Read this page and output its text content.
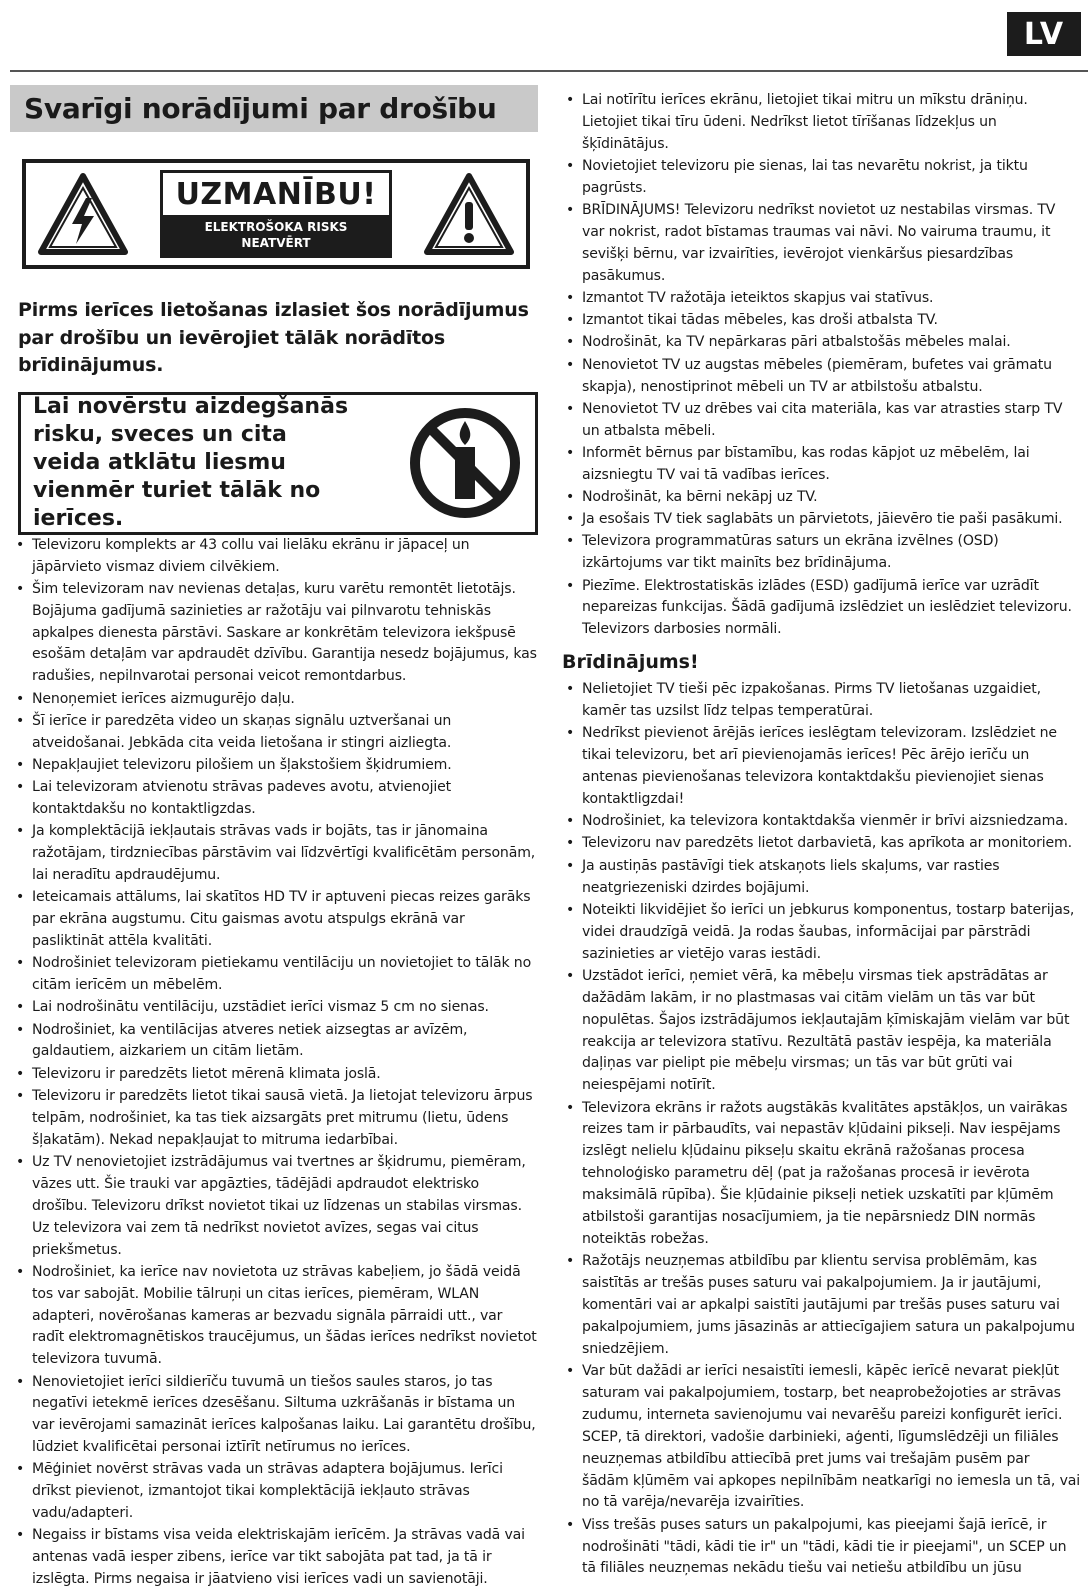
LV
Svarīgi norādījumi par drošību
UZMANĪBU!
ELEKTROŠOKA RISKS
NEATVĒRT
Pirms ierīces lietošanas izlasiet šos norādījumus par drošību un ievērojiet tālāk norādītos brīdinājumus.
Lai novērstu aizdegšanās risku, sveces un cita veida atklātu liesmu vienmēr turiet tālāk no ierīces.
• Televizoru komplekts ar 43 collu vai lielāku ekrānu ir jāpaceļ un jāpārvieto vismaz diviem cilvēkiem.
• Šim televizoram nav nevienas detaļas, kuru varētu remontēt lietotājs. Bojājuma gadījumā sazinieties ar ražotāju vai pilnvarotu tehniskās apkalpes dienesta pārstāvi. Saskare ar konkrētām televizora iekšpusē esošām detaļām var apdraudēt dzīvību. Garantija nesedz bojājumus, kas radušies, nepilnvarotai personai veicot remontdarbus.
• Nenoņemiet ierīces aizmugurējo daļu.
• Šī ierīce ir paredzēta video un skaņas signālu uztveršanai un atveidošanai. Jebkāda cita veida lietošana ir stingri aizliegta.
• Nepakļaujiet televizoru pilošiem un šļakstošiem šķidrumiem.
• Lai televizoram atvienotu strāvas padeves avotu, atvienojiet kontaktdakšu no kontaktligzdas.
• Ja komplektācijā iekļautais strāvas vads ir bojāts, tas ir jānomaina ražotājam, tirdzniecības pārstāvim vai līdzvērtīgi kvalificētām personām, lai neradītu apdraudējumu.
• Ieteicamais attālums, lai skatītos HD TV ir aptuveni piecas reizes garāks par ekrāna augstumu. Citu gaismas avotu atspulgs ekrānā var pasliktināt attēla kvalitāti.
• Nodrošiniet televizoram pietiekamu ventilāciju un novietojiet to tālāk no citām ierīcēm un mēbelēm.
• Lai nodrošinātu ventilāciju, uzstādiet ierīci vismaz 5 cm no sienas.
• Nodrošiniet, ka ventilācijas atveres netiek aizsegtas ar avīzēm, galdautiem, aizkariem un citām lietām.
• Televizoru ir paredzēts lietot mērenā klimata joslā.
• Televizoru ir paredzēts lietot tikai sausā vietā. Ja lietojat televizoru ārpus telpām, nodrošiniet, ka tas tiek aizsargāts pret mitrumu (lietu, ūdens šļakatām). Nekad nepakļaujat to mitruma iedarbībai.
• Uz TV nenovietojiet izstrādājumus vai tvertnes ar šķidrumu, piemēram, vāzes utt. Šie trauki var apgāzties, tādējādi apdraudot elektrisko drošību. Televizoru drīkst novietot tikai uz līdzenas un stabilas virsmas. Uz televizora vai zem tā nedrīkst novietot avīzes, segas vai citus priekšmetus.
• Nodrošiniet, ka ierīce nav novietota uz strāvas kabeļiem, jo šādā veidā tos var sabojāt. Mobilie tālruņi un citas ierīces, piemēram, WLAN adapteri, novērošanas kameras ar bezvadu signāla pārraidi utt., var radīt elektromagnētiskos traucējumus, un šādas ierīces nedrīkst novietot televizora tuvumā.
• Nenovietojiet ierīci sildierīču tuvumā un tiešos saules staros, jo tas negatīvi ietekmē ierīces dzesēšanu. Siltuma uzkrāšanās ir bīstama un var ievērojami samazināt ierīces kalpošanas laiku. Lai garantētu drošību, lūdziet kvalificētai personai iztīrīt netīrumus no ierīces.
• Mēģiniet novērst strāvas vada un strāvas adaptera bojājumus. Ierīci drīkst pievienot, izmantojot tikai komplektācijā iekļauto strāvas vadu/adapteri.
• Negaiss ir bīstams visa veida elektriskajām ierīcēm. Ja strāvas vadā vai antenas vadā iesper zibens, ierīce var tikt sabojāta pat tad, ja tā ir izslēgta. Pirms negaisa ir jāatvieno visi ierīces vadi un savienotāji.
• Lai notīrītu ierīces ekrānu, lietojiet tikai mitru un mīkstu drāniņu. Lietojiet tikai tīru ūdeni. Nedrīkst lietot tīrīšanas līdzekļus un šķīdinātājus.
• Novietojiet televizoru pie sienas, lai tas nevarētu nokrist, ja tiktu pagrūsts.
• BRĪDINĀJUMS! Televizoru nedrīkst novietot uz nestabilas virsmas. TV var nokrist, radot bīstamas traumas vai nāvi. No vairuma traumu, it sevišķi bērnu, var izvairīties, ievērojot vienkāršus piesardzības pasākumus.
• Izmantot TV ražotāja ieteiktos skapjus vai statīvus.
• Izmantot tikai tādas mēbeles, kas droši atbalsta TV.
• Nodrošināt, ka TV nepārkaras pāri atbalstošās mēbeles malai.
• Nenovietot TV uz augstas mēbeles (piemēram, bufetes vai grāmatu skapja), nenostiprinot mēbeli un TV ar atbilstošu atbalstu.
• Nenovietot TV uz drēbes vai cita materiāla, kas var atrasties starp TV un atbalsta mēbeli.
• Informēt bērnus par bīstamību, kas rodas kāpjot uz mēbelēm, lai aizsniegtu TV vai tā vadības ierīces.
• Nodrošināt, ka bērni nekāpj uz TV.
• Ja esošais TV tiek saglabāts un pārvietots, jāievēro tie paši pasākumi.
• Televizora programmatūras saturs un ekrāna izvēlnes (OSD) izkārtojums var tikt mainīts bez brīdinājuma.
• Piezīme. Elektrostatiskās izlādes (ESD) gadījumā ierīce var uzrādīt nepareizas funkcijas. Šādā gadījumā izslēdziet un ieslēdziet televizoru. Televizors darbosies normāli.
Brīdinājums!
• Nelietojiet TV tieši pēc izpakošanas. Pirms TV lietošanas uzgaidiet, kamēr tas uzsilst līdz telpas temperatūrai.
• Nedrīkst pievienot ārējās ierīces ieslēgtam televizoram. Izslēdziet ne tikai televizoru, bet arī pievienojamās ierīces! Pēc ārējo ierīču un antenas pievienošanas televizora kontaktdakšu pievienojiet sienas kontaktligzdai!
• Nodrošiniet, ka televizora kontaktdakša vienmēr ir brīvi aizsniedzama.
• Televizoru nav paredzēts lietot darbavietā, kas aprīkota ar monitoriem.
• Ja austiņās pastāvīgi tiek atskaņots liels skaļums, var rasties neatgriezeniski dzirdes bojājumi.
• Noteikti likvidējiet šo ierīci un jebkurus komponentus, tostarp baterijas, videi draudzīgā veidā. Ja rodas šaubas, informācijai par pārstrādi sazinieties ar vietējo varas iestādi.
• Uzstādot ierīci, ņemiet vērā, ka mēbeļu virsmas tiek apstrādātas ar dažādām lakām, ir no plastmasas vai citām vielām un tās var būt nopulētas. Šajos izstrādājumos iekļautajām ķīmiskajām vielām var būt reakcija ar televizora statīvu. Rezultātā pastāv iespēja, ka materiāla daļiņas var pielipt pie mēbeļu virsmas; un tās var būt grūti vai neiespējami notīrīt.
• Televizora ekrāns ir ražots augstākās kvalitātes apstākļos, un vairākas reizes tam ir pārbaudīts, vai nepastāv kļūdaini pikseļi. Nav iespējams izslēgt nelielu kļūdainu pikseļu skaitu ekrānā ražošanas procesa tehnoloģisko parametru dēļ (pat ja ražošanas procesā ir ievērota maksimālā rūpība). Šie kļūdainie pikseļi netiek uzskatīti par kļūmēm atbilstoši garantijas nosacījumiem, ja tie nepārsniedz DIN normās noteiktās robežas.
• Ražotājs neuzņemas atbildību par klientu servisa problēmām, kas saistītās ar trešās puses saturu vai pakalpojumiem. Ja ir jautājumi, komentāri vai ar apkalpi saistīti jautājumi par trešās puses saturu vai pakalpojumiem, jums jāsazinās ar attiecīgajiem satura un pakalpojumu sniedzējiem.
• Var būt dažādi ar ierīci nesaistīti iemesli, kāpēc ierīcē nevarat piekļūt saturam vai pakalpojumiem, tostarp, bet neaprobežojoties ar strāvas zudumu, interneta savienojumu vai nevarēšu pareizi konfigurēt ierīci. SCEP, tā direktori, vadošie darbinieki, aģenti, līgumslēdzēji un filiāles neuzņemas atbildību attiecībā pret jums vai trešajām pusēm par šādām kļūmēm vai apkopes nepilnībām neatkarīgi no iemesla un tā, vai no tā varēja/nevarēja izvairīties.
• Viss trešās puses saturs un pakalpojumi, kas pieejami šajā ierīcē, ir nodrošināti "tādi, kādi tie ir" un "tādi, kādi tie ir pieejami", un SCEP un tā filiāles neuzņemas nekādu tiešu vai netiešu atbildību un jūsu
